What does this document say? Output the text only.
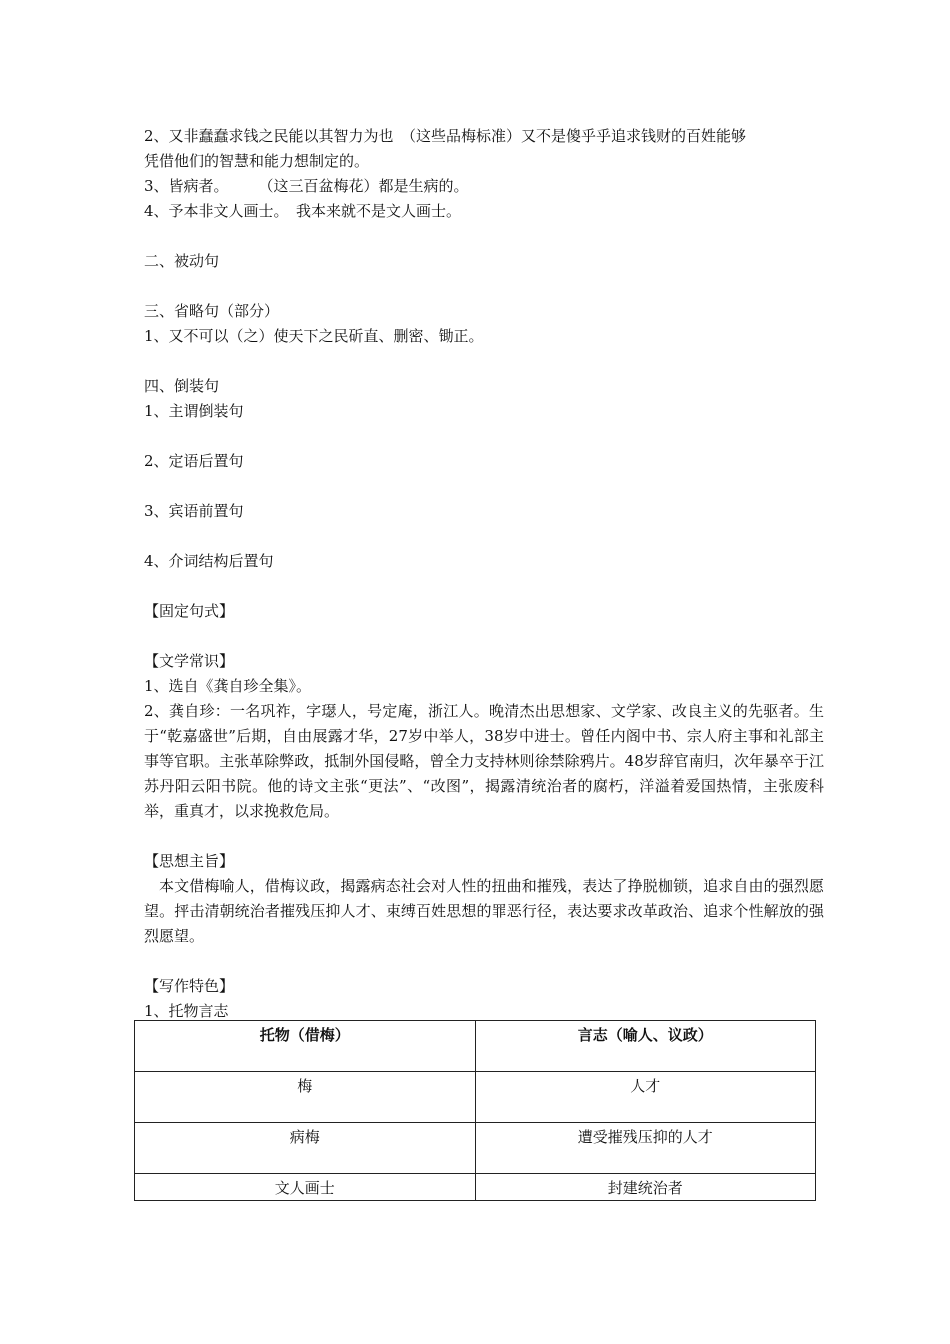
2、又非蠢蠢求钱之民能以其智力为也　（这些品梅标准）又不是傻乎乎追求钱财的百姓能够
凭借他们的智慧和能力想制定的。
3、皆病者。　　　（这三百盆梅花）都是生病的。
4、予本非文人画士。　我本来就不是文人画士。
二、被动句
三、省略句（部分）
1、又不可以（之）使天下之民斫直、删密、锄正。
四、倒装句
1、主谓倒装句
2、定语后置句
3、宾语前置句
4、介词结构后置句
【固定句式】
【文学常识】
1、选自《龚自珍全集》。
2、龚自珍：一名巩祚，字璱人，号定庵，浙江人。晚清杰出思想家、文学家、改良主义的先驱者。生于“乾嘉盛世”后期，自由展露才华，27岁中举人，38岁中进士。曾任内阁中书、宗人府主事和礼部主事等官职。主张革除弊政，抵制外国侵略，曾全力支持林则徐禁除鸦片。48岁辞官南归，次年暴卒于江苏丹阳云阳书院。他的诗文主张“更法”、“改图”，揭露清统治者的腐朽，洋溢着爱国热情，主张废科举，重真才，以求挽救危局。
【思想主旨】
本文借梅喻人，借梅议政，揭露病态社会对人性的扭曲和摧残，表达了挣脱枷锁，追求自由的强烈愿望。抨击清朝统治者摧残压抑人才、束缚百姓思想的罪恶行径，表达要求改革政治、追求个性解放的强烈愿望。
【写作特色】
1、托物言志
托物（借梅）	言志（喻人、议政）
梅	人才
病梅	遭受摧残压抑的人才
文人画士	封建统治者
